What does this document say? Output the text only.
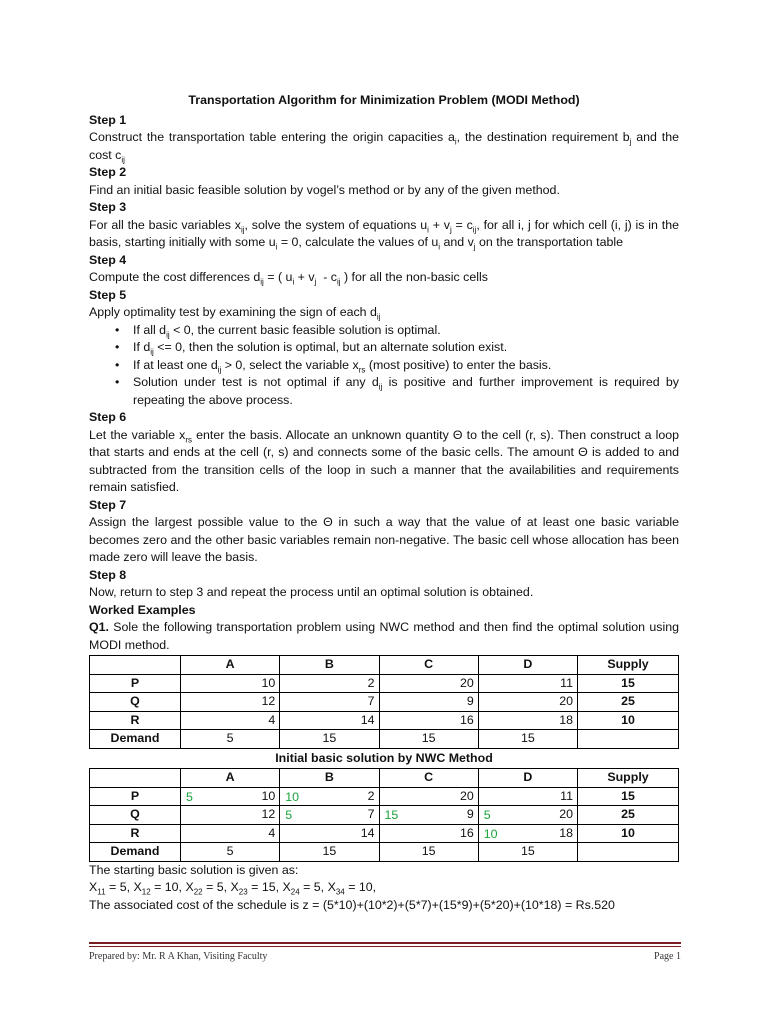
Transportation Algorithm for Minimization Problem (MODI Method)
Step 1
Construct the transportation table entering the origin capacities $a_i$, the destination requirement $b_j$ and the cost $c_{ij}$
Step 2
Find an initial basic feasible solution by vogel’s method or by any of the given method.
Step 3
For all the basic variables $x_{ij}$, solve the system of equations $u_i + v_j = c_{ij}$, for all i, j for which cell (i, j) is in the basis, starting initially with some $u_i = 0$, calculate the values of $u_i$ and $v_j$ on the transportation table
Step 4
Compute the cost differences $d_{ij}$ = ( $u_i + v_j - c_{ij}$ ) for all the non-basic cells
Step 5
Apply optimality test by examining the sign of each $d_{ij}$
• If all $d_{ij} < 0$, the current basic feasible solution is optimal.
• If $d_{ij} <= 0$, then the solution is optimal, but an alternate solution exist.
• If at least one $d_{ij} > 0$, select the variable $x_{rs}$ (most positive) to enter the basis.
• Solution under test is not optimal if any $d_{ij}$ is positive and further improvement is required by repeating the above process.
Step 6
Let the variable $x_{rs}$ enter the basis. Allocate an unknown quantity Θ to the cell (r, s). Then construct a loop that starts and ends at the cell (r, s) and connects some of the basic cells. The amount Θ is added to and subtracted from the transition cells of the loop in such a manner that the availabilities and requirements remain satisfied.
Step 7
Assign the largest possible value to the Θ in such a way that the value of at least one basic variable becomes zero and the other basic variables remain non-negative. The basic cell whose allocation has been made zero will leave the basis.
Step 8
Now, return to step 3 and repeat the process until an optimal solution is obtained.
Worked Examples
Q1. Sole the following transportation problem using NWC method and then find the optimal solution using MODI method.
	A	B	C	D	Supply
P	10	2	20	11	15
Q	12	7	9	20	25
R	4	14	16	18	10
Demand	5	15	15	15	
Initial basic solution by NWC Method
	A	B	C	D	Supply
P	5 10	10 2	20	11	15
Q	12	5 7	15 9	5 20	25
R	4	14	16	10 18	10
Demand	5	15	15	15	
The starting basic solution is given as:
$X_{11} = 5$, $X_{12} = 10$, $X_{22} = 5$, $X_{23} = 15$, $X_{24} = 5$, $X_{34} = 10$,
The associated cost of the schedule is z = (5*10)+(10*2)+(5*7)+(15*9)+(5*20)+(10*18) = Rs.520
Prepared by: Mr. R A Khan, Visiting Faculty	Page 1
